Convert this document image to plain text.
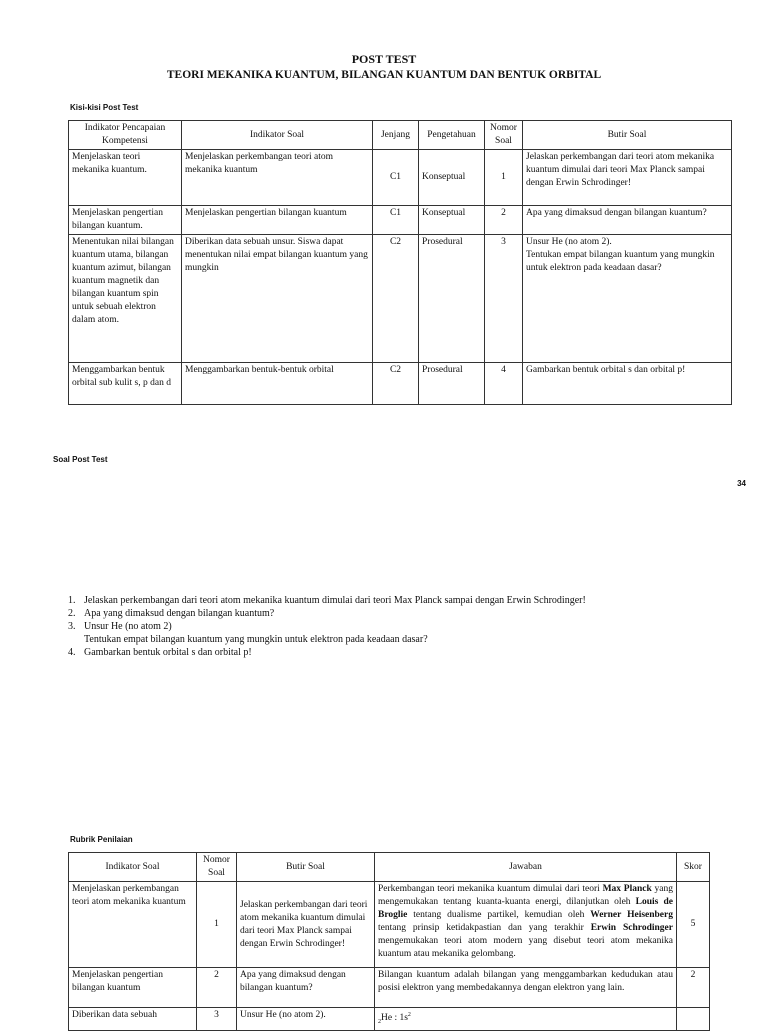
POST TEST
TEORI MEKANIKA KUANTUM, BILANGAN KUANTUM DAN BENTUK ORBITAL
Kisi-kisi Post Test
Indikator Pencapaian Kompetensi	Indikator Soal	Jenjang	Pengetahuan	Nomor Soal	Butir Soal
Menjelaskan teori mekanika kuantum.	Menjelaskan perkembangan teori atom mekanika kuantum	C1	Konseptual	1	Jelaskan perkembangan dari teori atom mekanika kuantum dimulai dari teori Max Planck sampai dengan Erwin Schrodinger!
Menjelaskan pengertian bilangan kuantum.	Menjelaskan pengertian bilangan kuantum	C1	Konseptual	2	Apa yang dimaksud dengan bilangan kuantum?
Menentukan nilai bilangan kuantum utama, bilangan kuantum azimut, bilangan kuantum magnetik dan bilangan kuantum spin untuk sebuah elektron dalam atom.	Diberikan data sebuah unsur. Siswa dapat menentukan nilai empat bilangan kuantum yang mungkin	C2	Prosedural	3	Unsur He (no atom 2).
Tentukan empat bilangan kuantum yang mungkin untuk elektron pada keadaan dasar?

Menggambarkan bentuk orbital sub kulit s, p dan d	Menggambarkan bentuk-bentuk orbital	C2	Prosedural	4	Gambarkan bentuk orbital s dan orbital p!
Soal Post Test
34
1. Jelaskan perkembangan dari teori atom mekanika kuantum dimulai dari teori Max Planck sampai dengan Erwin Schrodinger!
2. Apa yang dimaksud dengan bilangan kuantum?
3. Unsur He (no atom 2)
Tentukan empat bilangan kuantum yang mungkin untuk elektron pada keadaan dasar?
4. Gambarkan bentuk orbital s dan orbital p!
Rubrik Penilaian
Indikator Soal	Nomor Soal	Butir Soal	Jawaban	Skor
Menjelaskan perkembangan teori atom mekanika kuantum	1	Jelaskan perkembangan dari teori atom mekanika kuantum dimulai dari teori Max Planck sampai dengan Erwin Schrodinger!	Perkembangan teori mekanika kuantum dimulai dari teori Max Planck yang mengemukakan tentang kuanta-kuanta energi, dilanjutkan oleh Louis de Broglie tentang dualisme partikel, kemudian oleh Werner Heisenberg tentang prinsip ketidakpastian dan yang terakhir Erwin Schrodinger mengemukakan teori atom modern yang disebut teori atom mekanika kuantum atau mekanika gelombang.	5
Menjelaskan pengertian bilangan kuantum	2	Apa yang dimaksud dengan bilangan kuantum?	Bilangan kuantum adalah bilangan yang menggambarkan kedudukan atau posisi elektron yang membedakannya dengan elektron yang lain.	2
Diberikan data sebuah	3	Unsur He (no atom 2).	$_2$He : $1s^2$	
